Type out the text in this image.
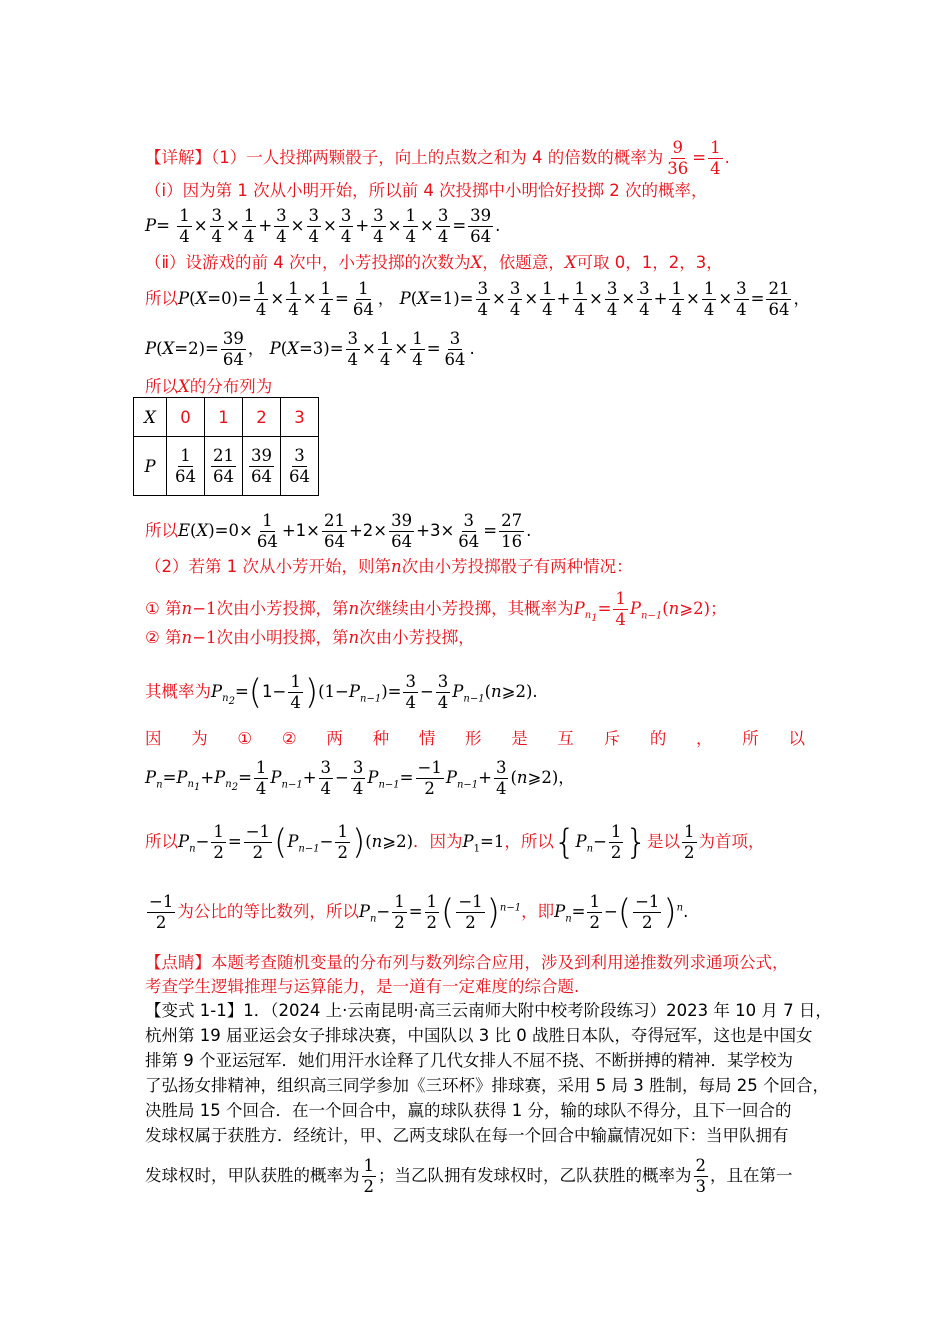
【详解】（1）一人投掷两颗骰子，向上的点数之和为 4 的倍数的概率为 $\frac{9}{36} = \frac{1}{4}$ .
（ⅰ）因为第 1 次从小明开始，所以前 4 次投掷中小明恰好投掷 2 次的概率，
$P= \frac{1}{4} \times \frac{3}{4} \times \frac{1}{4} + \frac{3}{4} \times \frac{3}{4} \times \frac{3}{4} + \frac{3}{4} \times \frac{1}{4} \times \frac{3}{4} = \frac{39}{64}$ .
（ⅱ）设游戏的前 4 次中，小芳投掷的次数为X，依题意，X可取 0，1，2，3，
所以$P(X=0)= \frac{1}{4} \times \frac{1}{4} \times \frac{1}{4} = \frac{1}{64}$ ， $P(X=1)= \frac{3}{4} \times \frac{3}{4} \times \frac{1}{4} + \frac{1}{4} \times \frac{3}{4} \times \frac{3}{4} + \frac{1}{4} \times \frac{1}{4} \times \frac{3}{4} = \frac{21}{64}$ ，
$P(X=2)= \frac{39}{64}$ ， $P(X=3)= \frac{3}{4} \times \frac{1}{4} \times \frac{1}{4} = \frac{3}{64}$ .
所以X的分布列为
X	0	1	2	3
P	$\frac{1}{64}$	$\frac{21}{64}$	$\frac{39}{64}$	$\frac{3}{64}$
所以$E(X)=0\times \frac{1}{64} +1\times \frac{21}{64} +2\times \frac{39}{64} +3\times \frac{3}{64} = \frac{27}{16}$ .
（2）若第 1 次从小芳开始，则第n次由小芳投掷骰子有两种情况：
① 第n−1次由小芳投掷，第n次继续由小芳投掷，其概率为$P_{n_1}= \frac{1}{4}$ $P_{n-1}(n⩾2)$；
② 第n−1次由小明投掷，第n次由小芳投掷，
其概率为$P_{n_2}=(1- \frac{1}{4} )(1-P_{n-1})= \frac{3}{4} - \frac{3}{4}$ $P_{n-1}(n⩾2)$.
因 为 ① ② 两 种 情 形 是 互 斥 的 ， 所 以
$P_n=P_{n_1}+P_{n_2}= \frac{1}{4} P_{n-1}+ \frac{3}{4} - \frac{3}{4} P_{n-1}= \frac{-1}{2} P_{n-1}+ \frac{3}{4}$ (n⩾2)，
所以$P_n- \frac{1}{2} = \frac{-1}{2} (P_{n-1}- \frac{1}{2}$ )(n⩾2)．因为$P_1=1$，所以{$P_n- \frac{1}{2}$ }是以 $\frac{1}{2}$ 为首项，
$\frac{-1}{2}$ 为公比的等比数列，所以$P_n- \frac{1}{2} = \frac{1}{2}$ ( $\frac{-1}{2} )^{n-1}$，即$P_n= \frac{1}{2}$ −( $\frac{-1}{2} )^n$.
【点睛】本题考查随机变量的分布列与数列综合应用，涉及到利用递推数列求通项公式，
考查学生逻辑推理与运算能力，是一道有一定难度的综合题.
【变式 1-1】1．（2024 上·云南昆明·高三云南师大附中校考阶段练习）2023 年 10 月 7 日，
杭州第 19 届亚运会女子排球决赛，中国队以 3 比 0 战胜日本队，夺得冠军，这也是中国女
排第 9 个亚运冠军．她们用汗水诠释了几代女排人不屈不挠、不断拼搏的精神．某学校为
了弘扬女排精神，组织高三同学参加《三环杯》排球赛，采用 5 局 3 胜制，每局 25 个回合，
决胜局 15 个回合．在一个回合中，赢的球队获得 1 分，输的球队不得分，且下一回合的
发球权属于获胜方．经统计，甲、乙两支球队在每一个回合中输赢情况如下：当甲队拥有
发球权时，甲队获胜的概率为 $\frac{1}{2}$ ；当乙队拥有发球权时，乙队获胜的概率为 $\frac{2}{3}$ ，且在第一
